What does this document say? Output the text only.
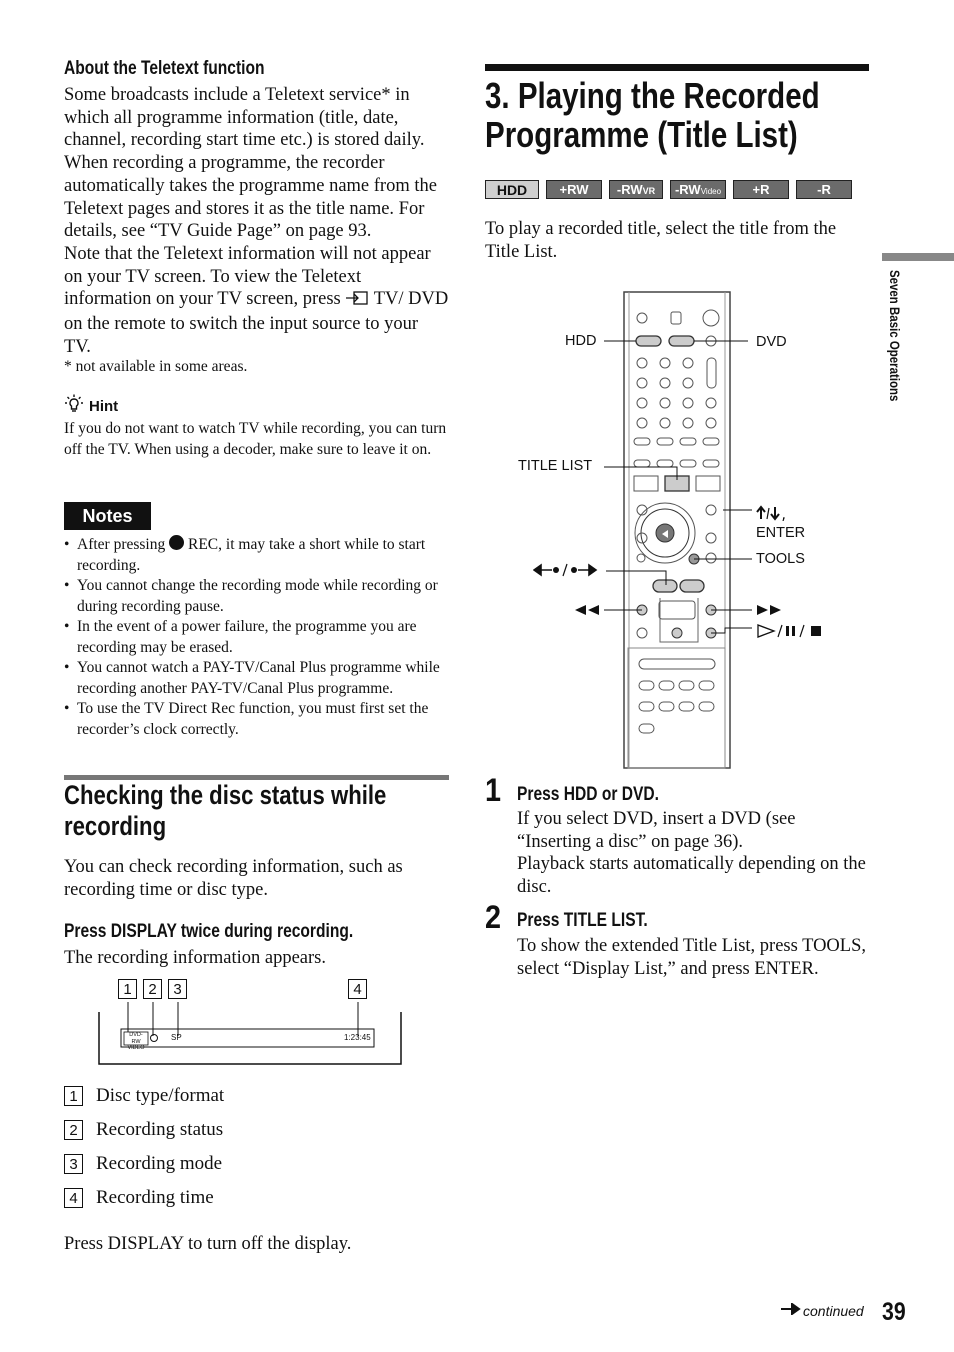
About the Teletext function

Some broadcasts include a Teletext service* in which all programme information (title, date, channel, recording start time etc.) is stored daily. When recording a programme, the recorder automatically takes the programme name from the Teletext pages and stores it as the title name. For details, see “TV Guide Page” on page 93.

Note that the Teletext information will not appear on your TV screen. To view the Teletext information on your TV screen, press TV/ DVD on the remote to switch the input source to your TV.

* not available in some areas.

Hint

If you do not want to watch TV while recording, you can turn off the TV. When using a decoder, make sure to leave it on.

Notes
• After pressing REC, it may take a short while to start recording.
• You cannot change the recording mode while recording or during recording pause.
• In the event of a power failure, the programme you are recording may be erased.
• You cannot watch a PAY-TV/Canal Plus programme while recording another PAY-TV/Canal Plus programme.
• To use the TV Direct Rec function, you must first set the recorder’s clock correctly.
Checking the disc status while
recording

You can check recording information, such as recording time or disc type.

Press DISPLAY twice during recording.

The recording information appears.

1	2	3	4
DVD-RW
VIDEO
SP	1:23:45
1 Disc type/format
2 Recording status
3 Recording mode
4 Recording time

Press DISPLAY to turn off the display.

3. Playing the Recorded
Programme (Title List)
HDD	+RW	-RW VR -RW Video	+R	-R

To play a recorded title, select the title from the Title List.

HDD	DVD
TITLE LIST
ENTER
TOOLS
1 Press HDD or DVD.

If you select DVD, insert a DVD (see “Inserting a disc” on page 36).

Playback starts automatically depending on the disc.

2 Press TITLE LIST.

To show the extended Title List, press TOOLS, select “Display List,” and press ENTER.

Seven Basic Operations
continued 39
